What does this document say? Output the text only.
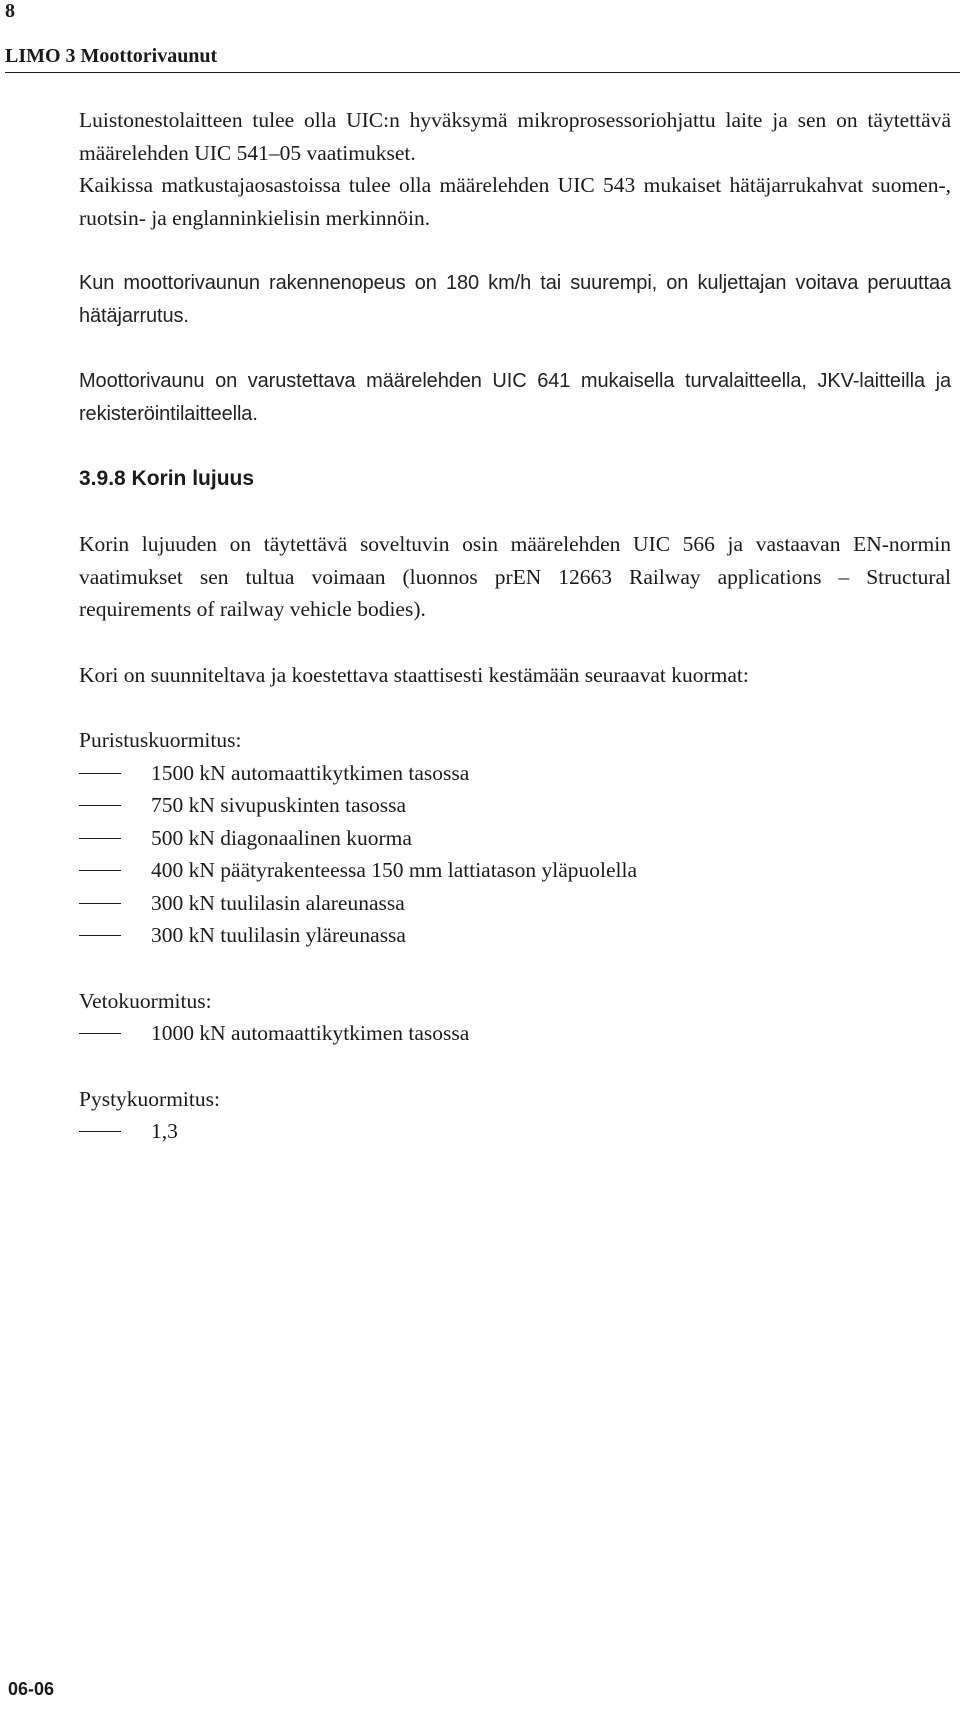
8
LIMO 3 Moottorivaunut

Luistonestolaitteen tulee olla UIC:n hyväksymä mikroprosessoriohjattu laite ja sen on täytettävä määrelehden UIC 541–05 vaatimukset.

Kaikissa matkustajaosastoissa tulee olla määrelehden UIC 543 mukaiset hätäjarrukahvat suomen-, ruotsin- ja englanninkielisin merkinnöin.

Kun moottorivaunun rakennenopeus on 180 km/h tai suurempi, on kuljettajan voitava peruuttaa hätäjarrutus.

Moottorivaunu on varustettava määrelehden UIC 641 mukaisella turvalaitteella, JKV-laitteilla ja rekisteröintilaitteella.

3.9.8 Korin lujuus

Korin lujuuden on täytettävä soveltuvin osin määrelehden UIC 566 ja vastaavan EN-normin vaatimukset sen tultua voimaan (luonnos prEN 12663 Railway applications – Structural requirements of railway vehicle bodies).

Kori on suunniteltava ja koestettava staattisesti kestämään seuraavat kuormat:

Puristuskuormitus:

1500 kN automaattikytkimen tasossa
750 kN sivupuskinten tasossa
500 kN diagonaalinen kuorma
400 kN päätyrakenteessa 150 mm lattiatason yläpuolella
300 kN tuulilasin alareunassa
300 kN tuulilasin yläreunassa

Vetokuormitus:

1000 kN automaattikytkimen tasossa

Pystykuormitus:

1,3
06-06
